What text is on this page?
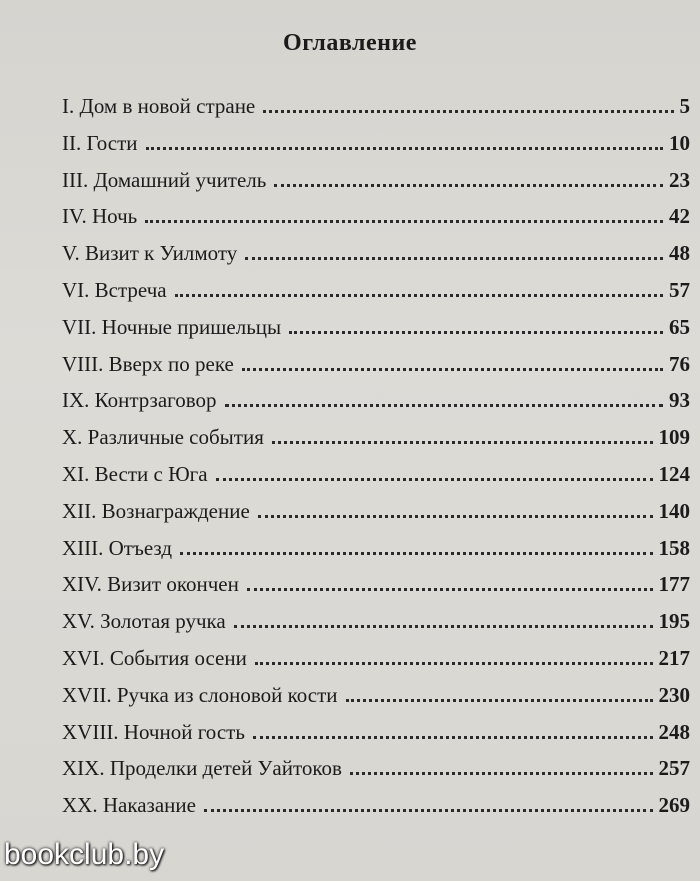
Оглавление
I. Дом в новой стране	5
II. Гости	10
III. Домашний учитель	23
IV. Ночь	42
V. Визит к Уилмоту	48
VI. Встреча	57
VII. Ночные пришельцы	65
VIII. Вверх по реке	76
IX. Контрзаговор	93
X. Различные события	109
XI. Вести с Юга	124
XII. Вознаграждение	140
XIII. Отъезд	158
XIV. Визит окончен	177
XV. Золотая ручка	195
XVI. События осени	217
XVII. Ручка из слоновой кости	230
XVIII. Ночной гость	248
XIX. Проделки детей Уайтоков	257
XX. Наказание	269
bookclub.by
